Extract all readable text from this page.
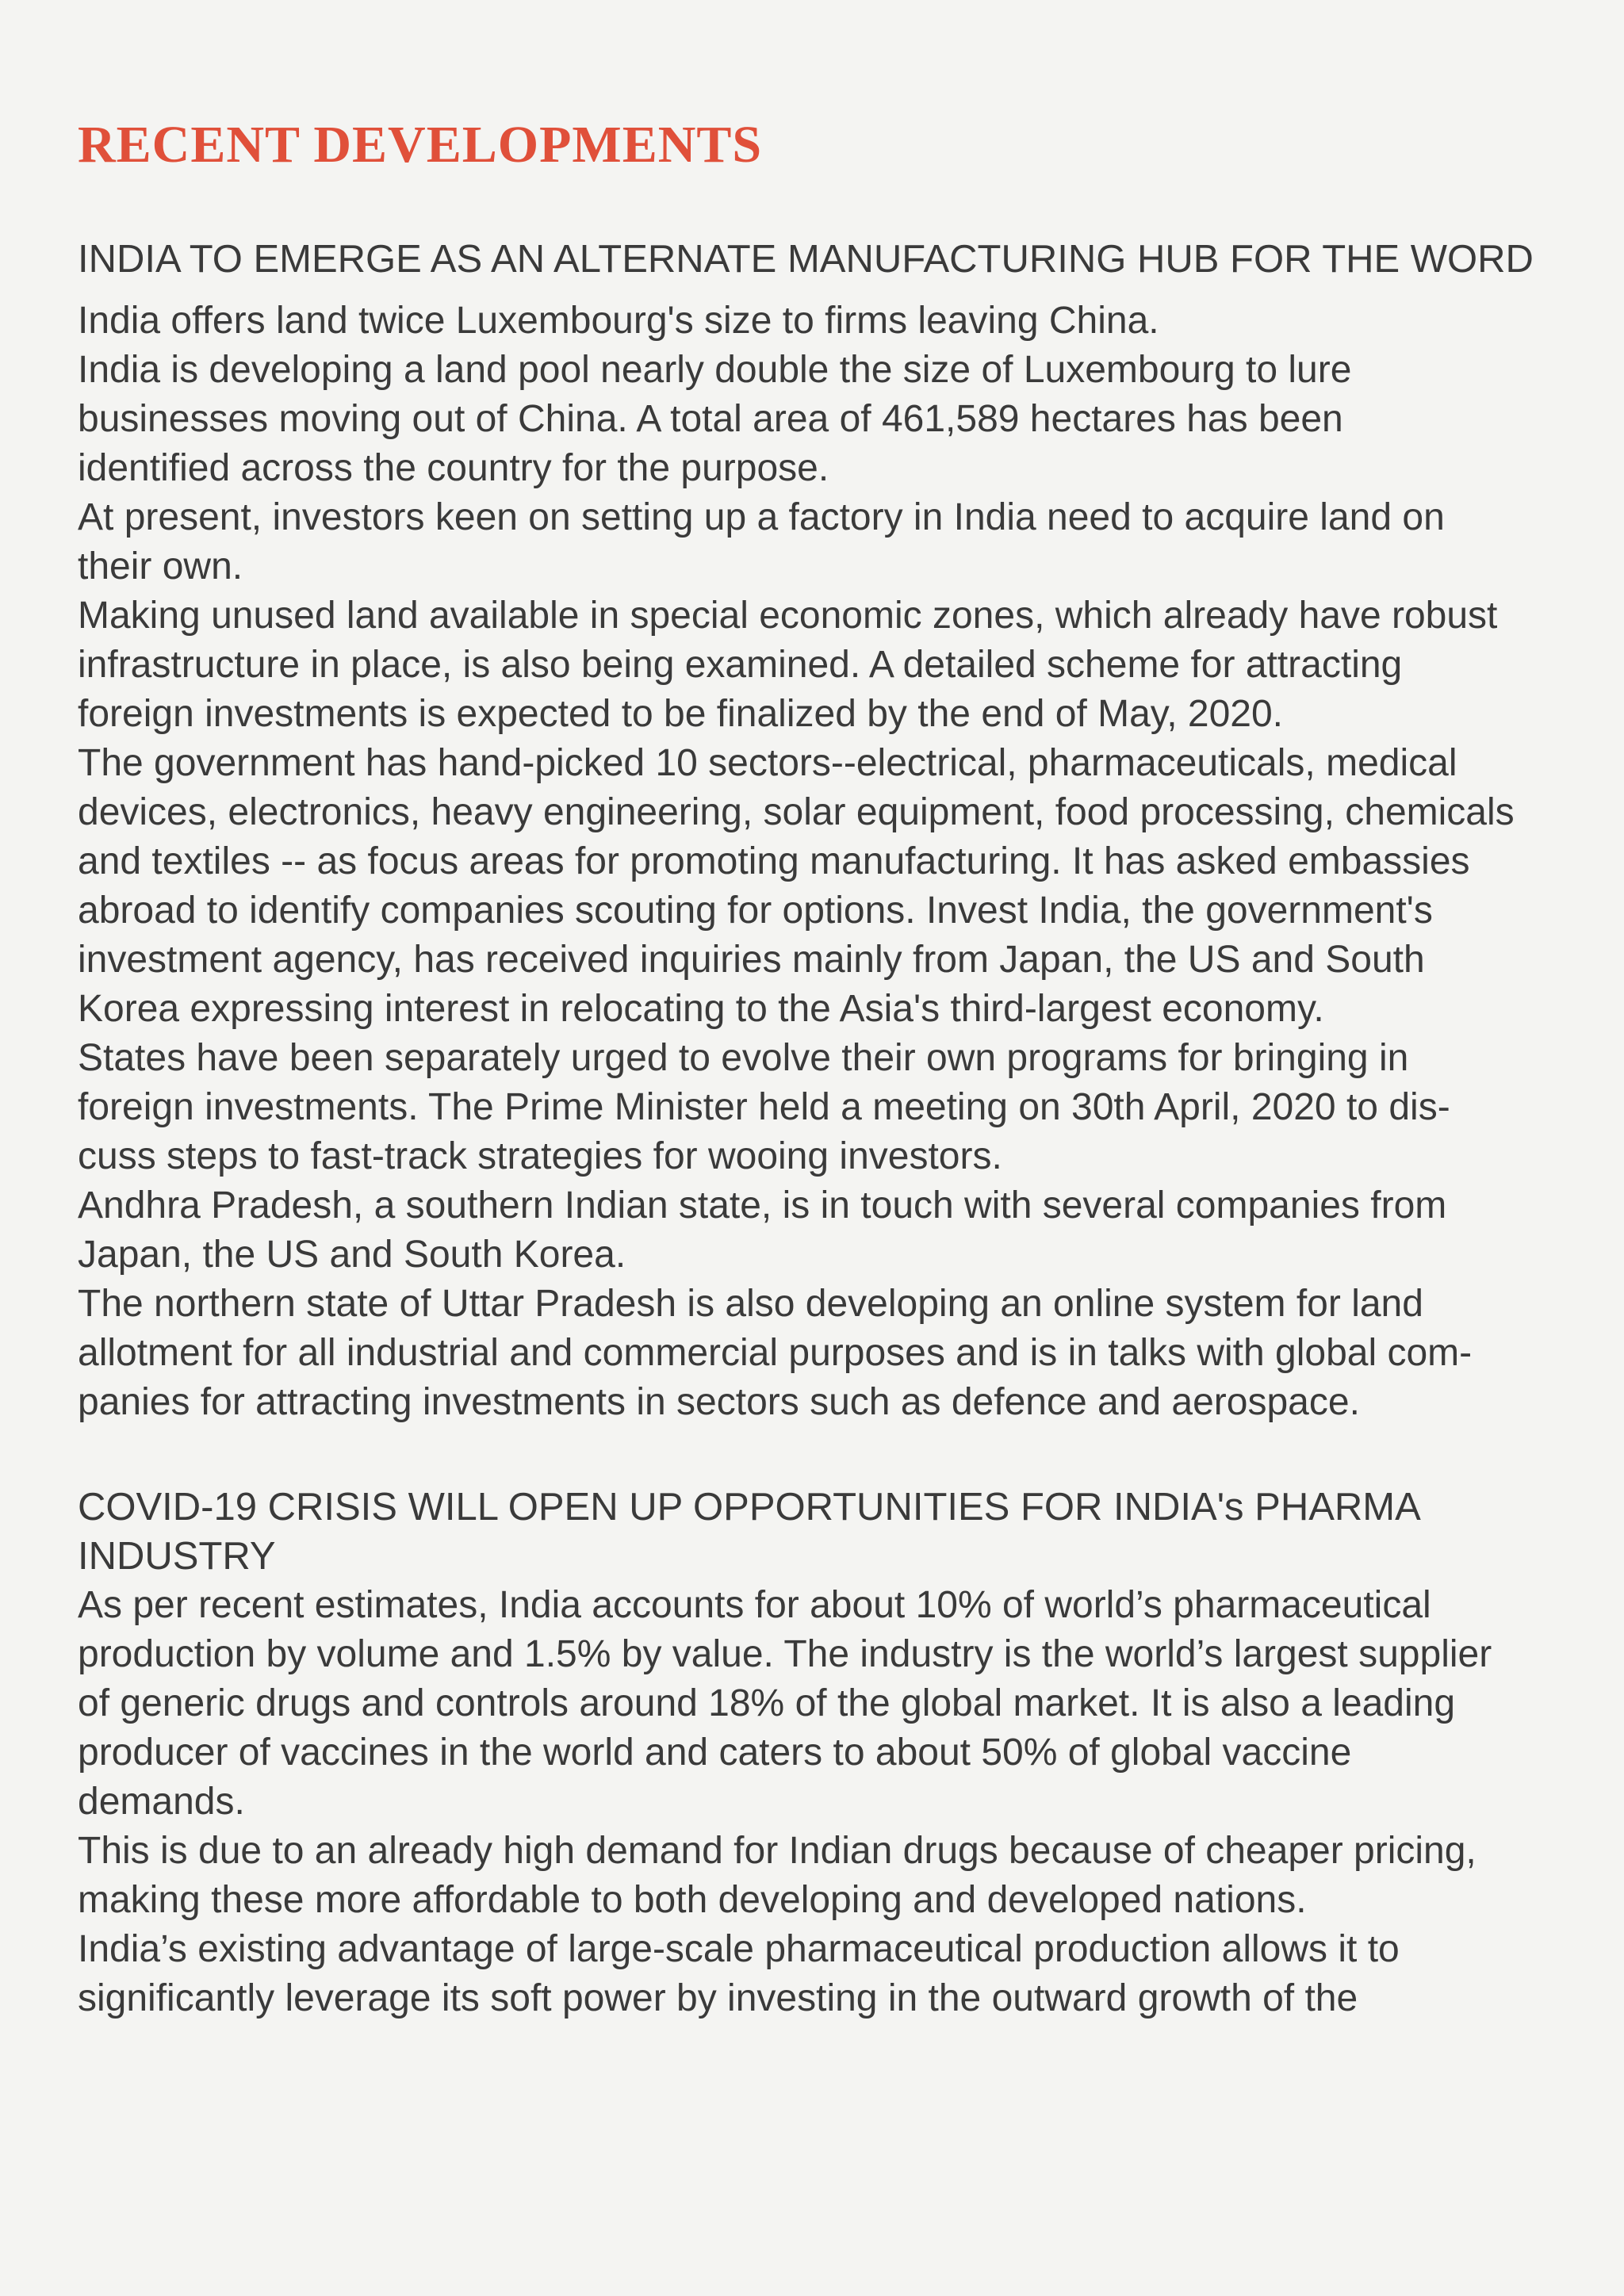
RECENT DEVELOPMENTS
INDIA TO EMERGE AS AN ALTERNATE MANUFACTURING HUB FOR THE WORD

India offers land twice Luxembourg's size to firms leaving China.

India is developing a land pool nearly double the size of Luxembourg to lure

businesses moving out of China. A total area of 461,589 hectares has been

identified across the country for the purpose.

At present, investors keen on setting up a factory in India need to acquire land on

their own.

Making unused land available in special economic zones, which already have robust

infrastructure in place, is also being examined. A detailed scheme for attracting

foreign investments is expected to be finalized by the end of May, 2020.

The government has hand-picked 10 sectors--electrical, pharmaceuticals, medical

devices, electronics, heavy engineering, solar equipment, food processing, chemicals

and textiles -- as focus areas for promoting manufacturing. It has asked embassies

abroad to identify companies scouting for options. Invest India, the government's

investment agency, has received inquiries mainly from Japan, the US and South

Korea expressing interest in relocating to the Asia's third-largest economy.

States have been separately urged to evolve their own programs for bringing in

foreign investments. The Prime Minister held a meeting on 30th April, 2020 to dis-

cuss steps to fast-track strategies for wooing investors.

Andhra Pradesh, a southern Indian state, is in touch with several companies from

Japan, the US and South Korea.

The northern state of Uttar Pradesh is also developing an online system for land

allotment for all industrial and commercial purposes and is in talks with global com-

panies for attracting investments in sectors such as defence and aerospace.

COVID-19 CRISIS WILL OPEN UP OPPORTUNITIES FOR INDIA's PHARMA
INDUSTRY

As per recent estimates, India accounts for about 10% of world’s pharmaceutical

production by volume and 1.5% by value. The industry is the world’s largest supplier

of generic drugs and controls around 18% of the global market. It is also a leading

producer of vaccines in the world and caters to about 50% of global vaccine

demands.

This is due to an already high demand for Indian drugs because of cheaper pricing,

making these more affordable to both developing and developed nations.

India’s existing advantage of large-scale pharmaceutical production allows it to

significantly leverage its soft power by investing in the outward growth of the
